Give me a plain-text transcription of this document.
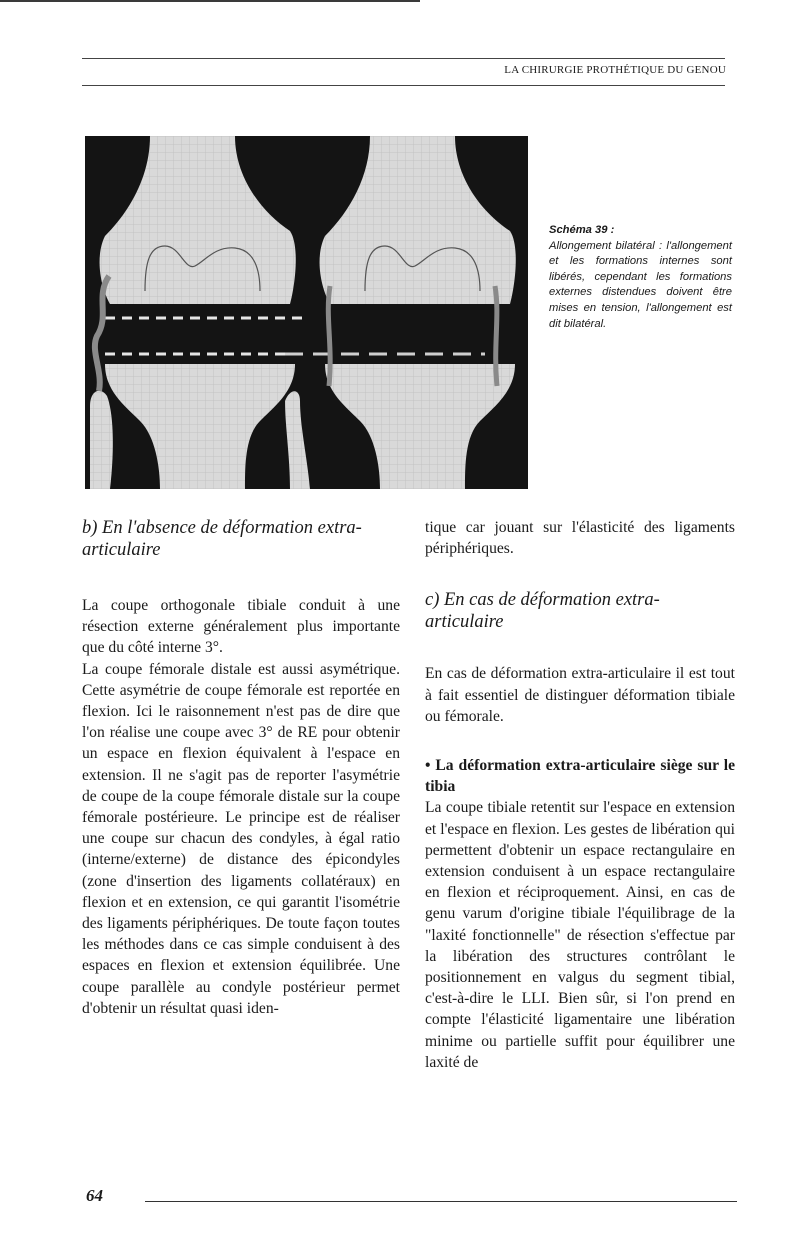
LA CHIRURGIE PROTHÉTIQUE DU GENOU

Schéma 39 :

Allongement bilatéral : l'allongement et les formations internes sont libérés, cependant les formations externes distendues doivent être mises en tension, l'allongement est dit bilatéral.

b) En l'absence de déformation extra-articulaire

La coupe orthogonale tibiale conduit à une résection externe généralement plus importante que du côté interne 3°.

La coupe fémorale distale est aussi asymétrique. Cette asymétrie de coupe fémorale est reportée en flexion. Ici le raisonnement n'est pas de dire que l'on réalise une coupe avec 3° de RE pour obtenir un espace en flexion équivalent à l'espace en extension. Il ne s'agit pas de reporter l'asymétrie de coupe de la coupe fémorale distale sur la coupe fémorale postérieure. Le principe est de réaliser une coupe sur chacun des condyles, à égal ratio (interne/externe) de distance des épicondyles (zone d'insertion des ligaments collatéraux) en flexion et en extension, ce qui garantit l'isométrie des ligaments périphériques. De toute façon toutes les méthodes dans ce cas simple conduisent à des espaces en flexion et extension équilibrée. Une coupe parallèle au condyle postérieur permet d'obtenir un résultat quasi iden-

tique car jouant sur l'élasticité des ligaments périphériques.

c) En cas de déformation extra-articulaire

En cas de déformation extra-articulaire il est tout à fait essentiel de distinguer déformation tibiale ou fémorale.

• La déformation extra-articulaire siège sur le tibia

La coupe tibiale retentit sur l'espace en extension et l'espace en flexion. Les gestes de libération qui permettent d'obtenir un espace rectangulaire en extension conduisent à un espace rectangulaire en flexion et réciproquement. Ainsi, en cas de genu varum d'origine tibiale l'équilibrage de la "laxité fonctionnelle" de résection s'effectue par la libération des structures contrôlant le positionnement en valgus du segment tibial, c'est-à-dire le LLI. Bien sûr, si l'on prend en compte l'élasticité ligamentaire une libération minime ou partielle suffit pour équilibrer une laxité de

64
